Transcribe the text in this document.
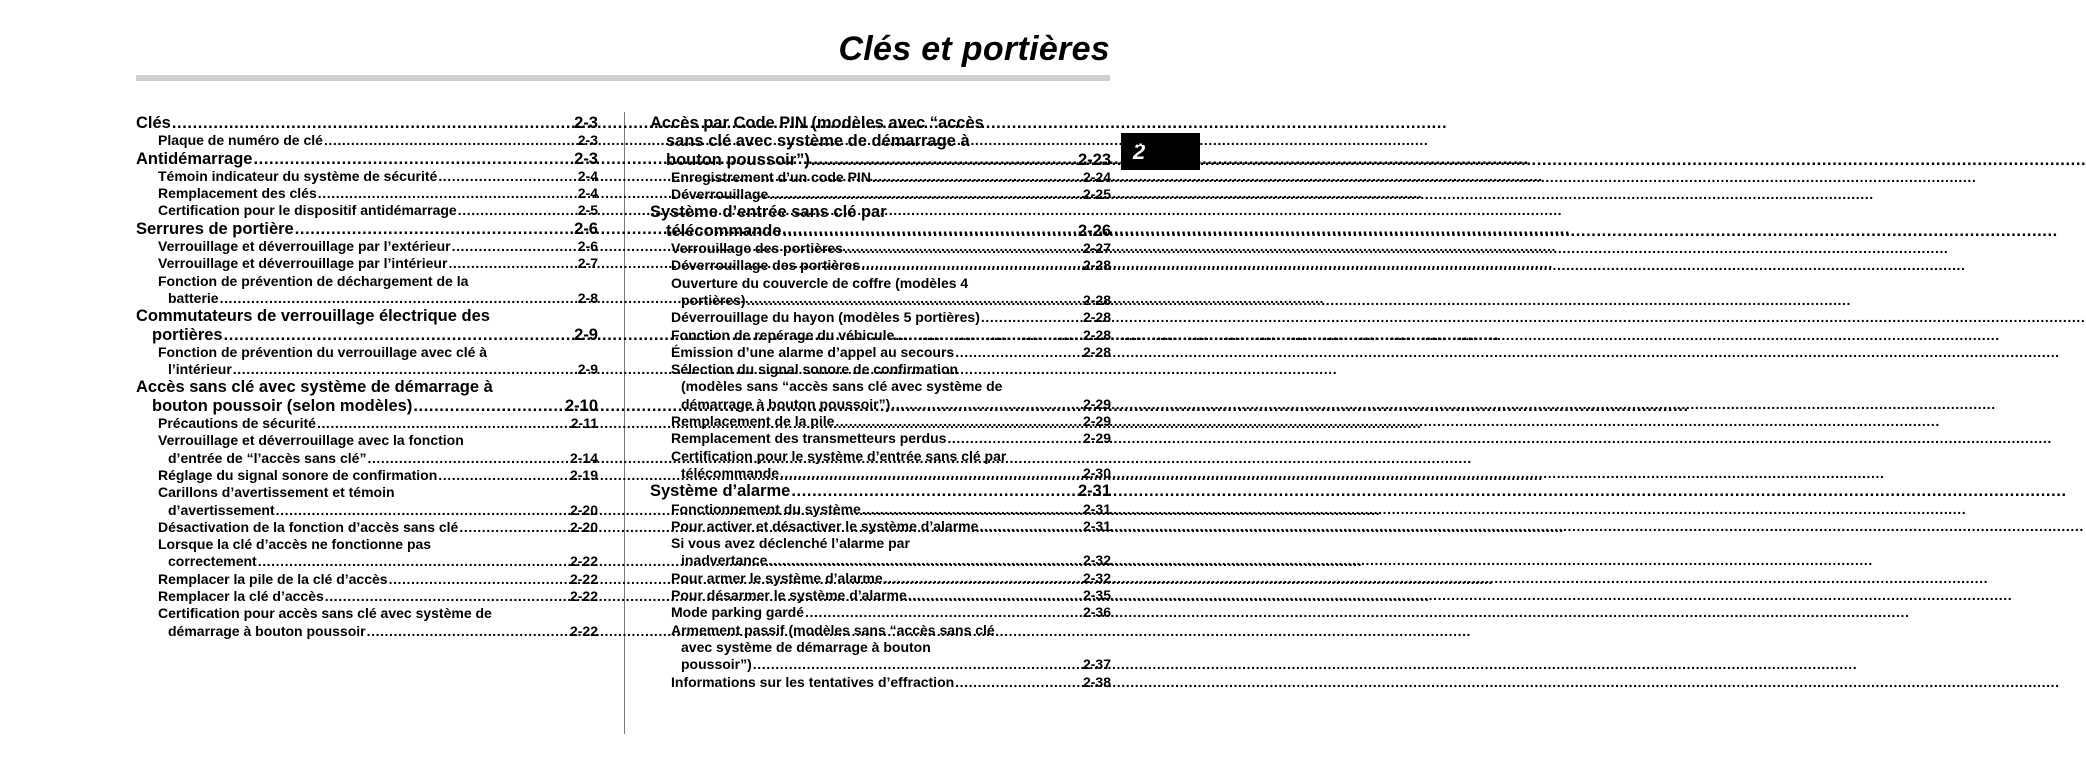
Clés et portières
2
Clés .....	2-3
Plaque de numéro de clé .....	2-3
Antidémarrage .....	2-3
Témoin indicateur du système de sécurité .....	2-4
Remplacement des clés .....	2-4
Certification pour le dispositif antidémarrage .....	2-5
Serrures de portière .....	2-6
Verrouillage et déverrouillage par l’extérieur .....	2-6
Verrouillage et déverrouillage par l’intérieur .....	2-7
Fonction de prévention de déchargement de la
batterie .....	2-8
Commutateurs de verrouillage électrique des
portières .....	2-9
Fonction de prévention du verrouillage avec clé à
l’intérieur .....	2-9
Accès sans clé avec système de démarrage à
bouton poussoir (selon modèles) .....	2-10
Précautions de sécurité .....	2-11
Verrouillage et déverrouillage avec la fonction
d’entrée de “l’accès sans clé” .....	2-14
Réglage du signal sonore de confirmation .....	2-19
Carillons d’avertissement et témoin
d’avertissement .....	2-20
Désactivation de la fonction d’accès sans clé .....	2-20
Lorsque la clé d’accès ne fonctionne pas
correctement .....	2-22
Remplacer la pile de la clé d’accès .....	2-22
Remplacer la clé d’accès .....	2-22
Certification pour accès sans clé avec système de
démarrage à bouton poussoir .....	2-22
Accès par Code PIN (modèles avec “accès
sans clé avec système de démarrage à
bouton poussoir”) .....	2-23
Enregistrement d’un code PIN .....	2-24
Déverrouillage .....	2-25
Système d’entrée sans clé par
télécommande .....	2-26
Verrouillage des portières .....	2-27
Déverrouillage des portières .....	2-28
Ouverture du couvercle de coffre (modèles 4
portières) .....	2-28
Déverrouillage du hayon (modèles 5 portières) .....	2-28
Fonction de repérage du véhicule .....	2-28
Émission d’une alarme d’appel au secours .....	2-28
Sélection du signal sonore de confirmation
(modèles sans “accès sans clé avec système de
démarrage à bouton poussoir”) .....	2-29
Remplacement de la pile .....	2-29
Remplacement des transmetteurs perdus .....	2-29
Certification pour le système d’entrée sans clé par
télécommande .....	2-30
Système d’alarme .....	2-31
Fonctionnement du système .....	2-31
Pour activer et désactiver le système d’alarme .....	2-31
Si vous avez déclenché l’alarme par
inadvertance .....	2-32
Pour armer le système d’alarme .....	2-32
Pour désarmer le système d’alarme .....	2-35
Mode parking gardé .....	2-36
Armement passif (modèles sans “accès sans clé
avec système de démarrage à bouton
poussoir”) .....	2-37
Informations sur les tentatives d’effraction .....	2-38
